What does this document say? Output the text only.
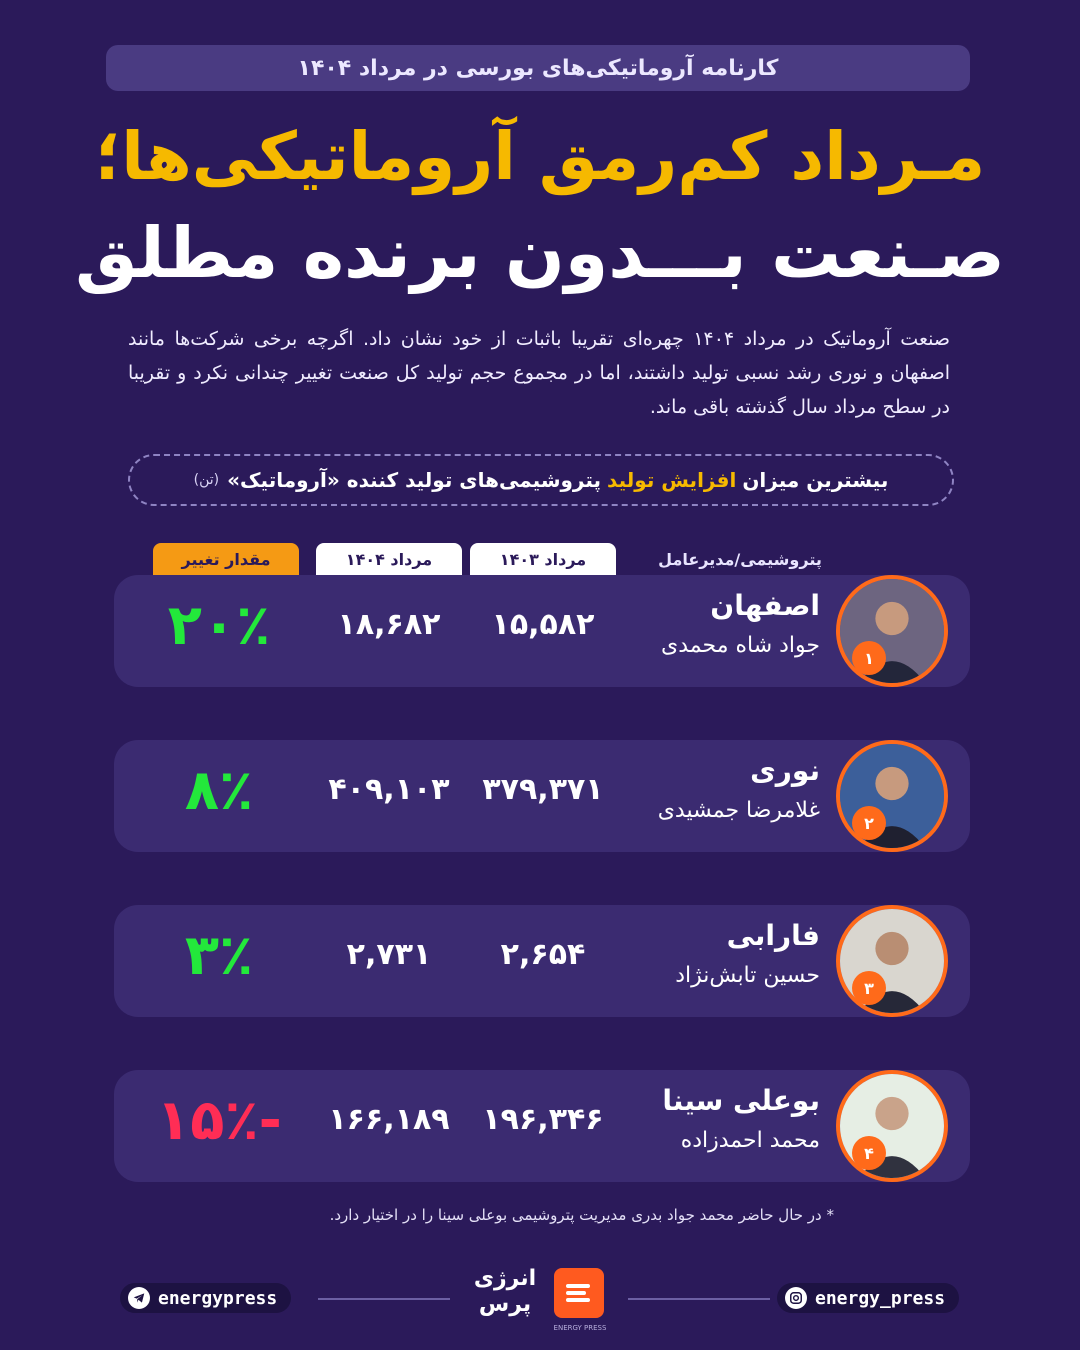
کارنامه آروماتیکی‌های بورسی در مرداد ۱۴۰۴
مـرداد کم‌رمق آروماتیکی‌ها؛
صـنعت بـــدون برنده مطلق
صنعت آروماتیک در مرداد ۱۴۰۴ چهره‌ای تقریبا باثبات از خود نشان داد. اگرچه برخی شرکت‌ها مانند اصفهان و نوری رشد نسبی تولید داشتند، اما در مجموع حجم تولید کل صنعت تغییر چندانی نکرد و تقریبا در سطح مرداد سال گذشته باقی ماند.
بیشترین میزان
افزایش تولید
پتروشیمی‌های تولید کننده «آروماتیک»
(تن)
پتروشیمی/مدیرعامل
مرداد ۱۴۰۳
مرداد ۱۴۰۴
مقدار تغییر
۱
اصفهان
جواد شاه محمدی
۱۵,۵۸۲
۱۸,۶۸۲
۲۰٪
۲
نوری
غلامرضا جمشیدی
۳۷۹,۳۷۱
۴۰۹,۱۰۳
۸٪
۳
فارابی
حسین تابش‌نژاد
۲,۶۵۴
۲,۷۳۱
۳٪
۴
بوعلی سینا
محمد احمدزاده
۱۹۶,۳۴۶
۱۶۶,۱۸۹
-۱۵٪
* در حال حاضر محمد جواد بدری مدیریت پتروشیمی بوعلی سینا را در اختیار دارد.
energypress
انرژی پرس
ENERGY PRESS
energy_press
